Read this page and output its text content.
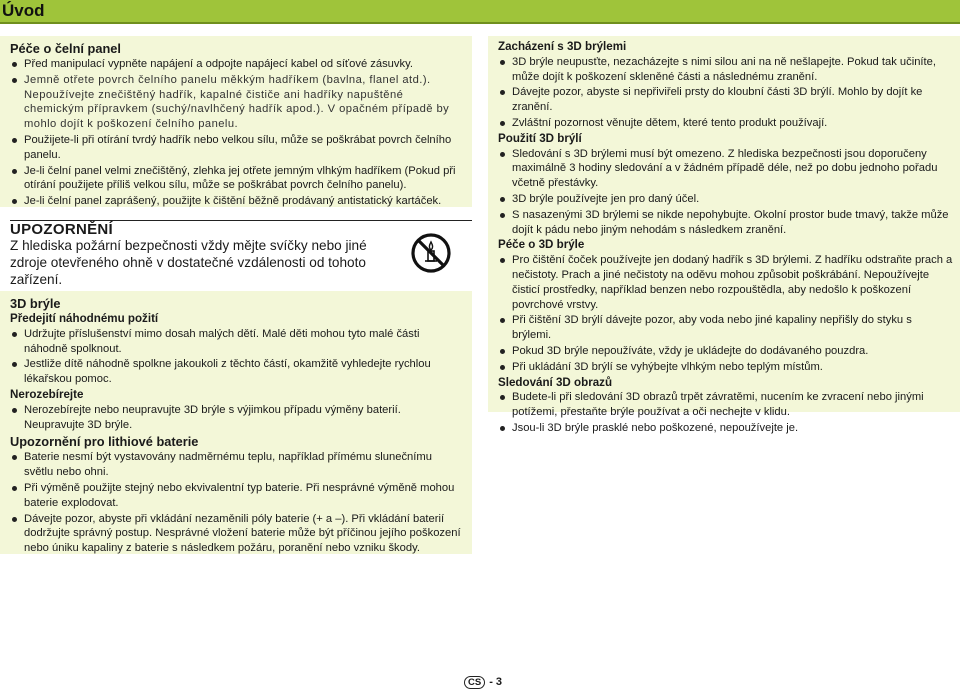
Úvod

Péče o čelní panel

Před manipulací vypněte napájení a odpojte napájecí kabel od síťové zásuvky.
Jemně otřete povrch čelního panelu měkkým hadříkem (bavlna, flanel atd.). Nepoužívejte znečištěný hadřík, kapalné čističe ani hadříky napuštěné chemickým přípravkem (suchý/navlhčený hadřík apod.). V opačném případě by mohlo dojít k poškození čelního panelu.
Použijete-li při otírání tvrdý hadřík nebo velkou sílu, může se poškrábat povrch čelního panelu.
Je-li čelní panel velmi znečištěný, zlehka jej otřete jemným vlhkým hadříkem (Pokud při otírání použijete příliš velkou sílu, může se poškrábat povrch čelního panelu).
Je-li čelní panel zaprášený, použijte k čištění běžně prodávaný antistatický kartáček.
UPOZORNĚNÍ
Z hlediska požární bezpečnosti vždy mějte svíčky nebo jiné zdroje otevřeného ohně v dostatečné vzdálenosti od tohoto zařízení.

3D brýle

Předejití náhodnému požití

Udržujte příslušenství mimo dosah malých dětí. Malé děti mohou tyto malé části náhodně spolknout.
Jestliže dítě náhodně spolkne jakoukoli z těchto částí, okamžitě vyhledejte rychlou lékařskou pomoc.

Nerozebírejte

Nerozebírejte nebo neupravujte 3D brýle s výjimkou případu výměny baterií. Neupravujte 3D brýle.

Upozornění pro lithiové baterie

Baterie nesmí být vystavovány nadměrnému teplu, například přímému slunečnímu světlu nebo ohni.
Při výměně použijte stejný nebo ekvivalentní typ baterie. Při nesprávné výměně mohou baterie explodovat.
Dávejte pozor, abyste při vkládání nezaměnili póly baterie (+ a –). Při vkládání baterií dodržujte správný postup. Nesprávné vložení baterie může být příčinou jejího poškození nebo úniku kapaliny z baterie s následkem požáru, poranění nebo vzniku škody.

Zacházení s 3D brýlemi

3D brýle neupusťte, nezacházejte s nimi silou ani na ně nešlapejte. Pokud tak učiníte, může dojít k poškození skleněné části a následnému zranění.
Dávejte pozor, abyste si nepřiviřeli prsty do kloubní části 3D brýlí. Mohlo by dojít ke zranění.
Zvláštní pozornost věnujte dětem, které tento produkt používají.

Použití 3D brýlí

Sledování s 3D brýlemi musí být omezeno. Z hlediska bezpečnosti jsou doporučeny maximálně 3 hodiny sledování a v žádném případě déle, než po dobu jednoho pořadu včetně přestávky.
3D brýle používejte jen pro daný účel.
S nasazenými 3D brýlemi se nikde nepohybujte. Okolní prostor bude tmavý, takže může dojít k pádu nebo jiným nehodám s následkem zranění.

Péče o 3D brýle

Pro čištění čoček používejte jen dodaný hadřík s 3D brýlemi. Z hadříku odstraňte prach a nečistoty. Prach a jiné nečistoty na oděvu mohou způsobit poškrábání. Nepoužívejte čisticí prostředky, například benzen nebo rozpouštědla, aby nedošlo k poškození povrchové vrstvy.
Při čištění 3D brýlí dávejte pozor, aby voda nebo jiné kapaliny nepřišly do styku s brýlemi.
Pokud 3D brýle nepoužíváte, vždy je ukládejte do dodávaného pouzdra.
Při ukládání 3D brýlí se vyhýbejte vlhkým nebo teplým místům.

Sledování 3D obrazů

Budete-li při sledování 3D obrazů trpět závratěmi, nucením ke zvracení nebo jinými potížemi, přestaňte brýle používat a oči nechejte v klidu.
Jsou-li 3D brýle prasklé nebo poškozené, nepoužívejte je.
CS - 3
